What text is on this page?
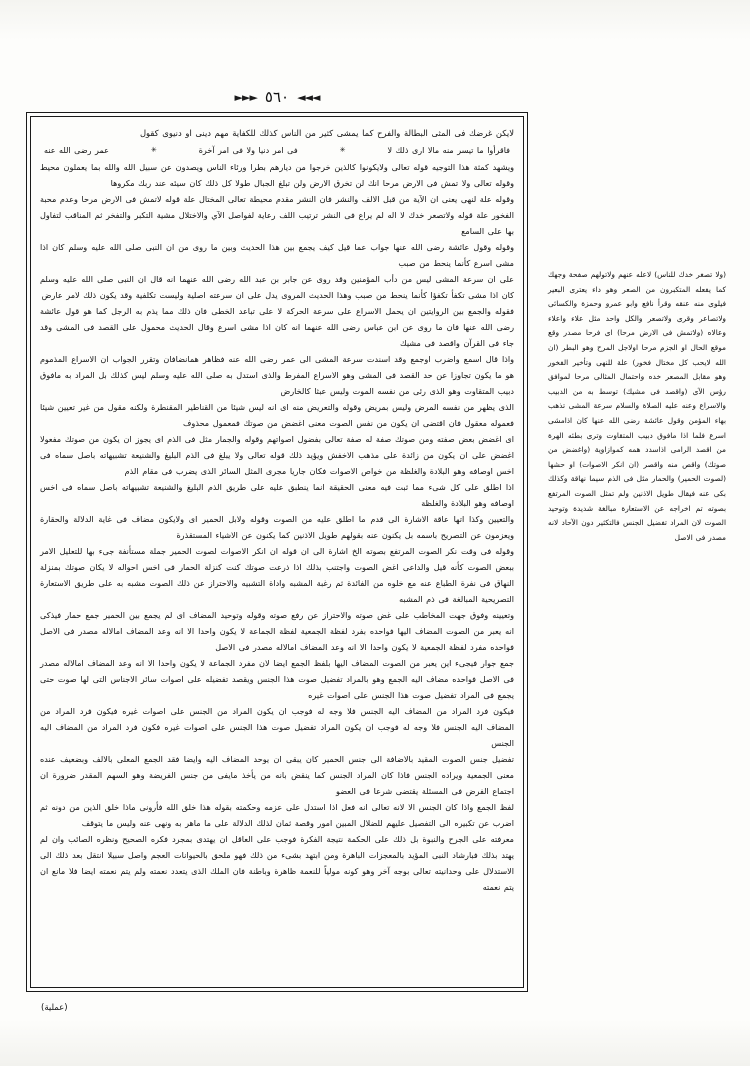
◄◄◄
٥٦٠
►►►

لايكن غرضك فى المثى البطالة والفرح كما يمشى كثير من الناس كذلك للكفاية مهم دينى او دنيوى كقول

فاقرأوا ما تيسر منه مالا ارى ذلك لا
✳
فى امر دنيا ولا فى امر آخرة
✳
عمر رضى الله عنه

ويشهد كمثة هذا التوجيه قوله تعالى ولايكونوا كالذين خرجوا من ديارهم بطرا ورئاء الناس ويصدون عن سبيل الله والله بما يعملون محيط وقوله تعالى ولا تمش فى الارض مرحا انك لن تخرق الارض ولن تبلغ الجبال طولا كل ذلك كان سيئه عند ربك مكروها

وقوله علة لنهى يعنى ان الآية من قبل الالف والنشر فان النشر مقدم محيطة تعالى المختال علة قوله لاتمش فى الارض مرحا وعدم محبة الفخور علة قوله ولاتصعر خدك لا اله لم يراع فى النشر ترتيب اللف رعاية لفواصل الآي والاختلال مشية التكبر والتفخر ثم المناقب لتفاول بها على السامع

وقوله وقول عائشة رضى الله عنها جواب عما قيل كيف يجمع بين هذا الحديث وبين ما روى من ان النبى صلى الله عليه وسلم كان اذا مشى اسرع كأنما ينحط من صبب

على ان سرعة المشى ليس من دأب المؤمنين وقد روى عن جابر بن عبد الله رضى الله عنهما انه قال ان النبى صلى الله عليه وسلم كان اذا مشى تكفأ تكفؤا كأنما ينحط من صبب وهذا الحديث المروى يدل على ان سرعته اصلية وليست تكلفية وقد يكون ذلك لامر عارض

فقوله والجمع بين الروايتين ان يحمل الاسراع على سرعة الحركة لا على تباعد الخطى فان ذلك مما يذم به الرجل كما هو قول عائشة رضى الله عنها فان ما روى عن ابن عباس رضى الله عنهما انه كان اذا مشى اسرع وقال الحديث محمول على القصد فى المشى وقد جاء فى القرآن واقصد فى مشيك

واذا قال اسمع واضرب اوجمع وقد اسندت سرعة المشى الى عمر رضى الله عنه فظاهر همانضافان وتقرر الجواب ان الاسراع المذموم هو ما يكون تجاوزا عن حد القصد فى المشى وهو الاسراع المفرط والذى استدل به صلى الله عليه وسلم ليس كذلك بل المراد به مافوق دبيب المتقاوت وهو الذى رئى من نفسه الموت وليس عبثا كالخارض

الذى يظهر من نفسه المرض وليس بمريض وقوله والتعريض منه اى انه ليس شيئا من القناطير المقنطرة ولكنه مقول من غير تعيين شيئا فعموله معقول فان اقتضى ان يكون من نفس الصوت معنى اغضض من صوتك فمعمول محذوف

اى اغضض بعض صفته ومن صوتك صفة له صفة تعالى بفضول اصواتهم وقوله والجمار مثل فى الذم اى يجوز ان يكون من صوتك مفعولا اغضض على ان يكون من زائدة على مذهب الاخفش ويؤيد ذلك قوله تعالى ولا يبلغ فى الذم البليغ والشنيعة تشبيهاته باصل سماه فى اخس اوصافه وهو البلادة والغلظة من خواص الاصوات فكان جاريا مجرى المثل السائر الذى يضرب فى مقام الذم

اذا اطلق على كل شىء مما ثبت فيه معنى الحقيقة انما ينطبق عليه على طريق الذم البليغ والشنيعة تشبيهاته باصل سماه فى اخس اوصافه وهو البلادة والغلظة

والتعيين وكذا اتها عاقة الاشارة الى قدم ما اطلق عليه من الصوت وقوله ولابل الحمير اى ولايكون مضاف فى غاية الدلالة والحقارة ويعزمون عن التصريح باسمه بل يكنون عنه بقولهم طويل الاذنين كما يكنون عن الاشياء المستقذرة

وقوله فى وقت نكر الصوت المرتفع بصوته الخ اشارة الى ان قوله ان انكر الاصوات لصوت الحمير جملة مستأنفة جىء بها للتعليل الامر ببعض الصوت كأنه قيل والداعى اغض الصوت واجتنب بذلك اذا ذرعت صوتك كنت كنزلة الحمار فى اخس احواله لا يكان صوتك بمنزلة النهاق فى نفرة الطباع عنه مع خلوه من الفائدة ثم رغبة المشبه واداة التشبيه والاحتراز عن ذلك الصوت مشبه به على طريق الاستعارة التصريحية المبالغة فى ذم المشبه

وتعيينه وفوق جهت المخاطب على غض صوته والاحتراز عن رفع صوته وقوله وتوحيد المضاف اى لم يجمع بين الحمير جمع حمار فيذكى انه يعبر من الصوت المضاف اليها فواحده بفرد لفظة الجمعية لفظة الجماعة لا يكون واحدا الا انه وعد المضاف امالاله مصدر فى الاصل فواحده مفرد لفظة الجمعية لا يكون واحدا الا انه وعد المضاف امالاله مصدر فى الاصل

جمع جوار فيجىء اين يعبر من الصوت المضاف اليها بلفظ الجمع ايضا لان مفرد الجماعة لا يكون واحدا الا انه وعد المضاف امالاله مصدر فى الاصل فواحده مضاف اليه الجمع وهو بالمراد تفضيل صوت هذا الجنس ويقصد تفضيله على اصوات سائر الاجناس التى لها صوت حتى يجمع فى المراد تفضيل صوت هذا الجنس على اصوات غيره

فيكون فرد المراد من المضاف اليه الجنس فلا وجه له فوجب ان يكون المراد من الجنس على اصوات غيره فيكون فرد المراد من المضاف اليه الجنس فلا وجه له فوجب ان يكون المراد تفضيل صوت هذا الجنس على اصوات غيره فكون فرد المراد من المضاف اليه الجنس

تفضيل جنس الصوت المقيد بالاضافة الى جنس الحمير كان يبقى ان يوحد المضاف اليه وايضا فقد الجمع المعلى بالالف وبضعيف عنده معنى الجمعية ويراده الجنس فاذا كان المراد الجنس كما ينقض بانه من يأخذ مايفى من جنس الفريضة وهو السهم المقدر ضرورة ان اجتماع الفرض فى المسئلة يقتضى شرعا فى العضو

لفظ الجمع واذا كان الجنس الا لانه تعالى انه فعل اذا استدل على عزمه وحكمته بقوله هذا خلق الله فأرونى ماذا خلق الذين من دونه ثم اضرب عن تكبيره الى التفصيل عليهم للضلال المبين امور وقصة ثمان لذلك الدلالة على ما ماهر به ونهى عنه وليس ما يتوقف

معرفته على الجرح والنبوة بل ذلك على الحكمة نتيجة الفكرة فوجب على العاقل ان يهتدى بمجرد فكره الصحيح ونظره الصائب وان لم يهتد بذلك فبارشاد النبى المؤيد بالمعجزات الباهرة ومن ابتهد بشىء من ذلك فهو ملحق بالحيوانات العجم واصل سبيلا انتقل بعد ذلك الى الاستدلال على وحدانيته تعالى بوجه آخر وهو كونه مولياً للنعمة ظاهرة وباطنة فان الملك الذى يتعدد نعمته ولم يتم نعمته ايضا فلا مانع ان يتم نعمته

(ولا تصغر خدك للناس) لاعله عنهم ولاتولهم صفحة وجهك كما يفعله المتكبرون من الصعر وهو داء يعترى البعير فيلوى منه عنقه وقرأ نافع وابو عمرو وحمزة والكسائى ولاتصاعر وقرى ولاتصعر والكل واحد مثل علاء واعلاء وعالاه (ولاتمش فى الارض مرحا) اى فرحا مصدر وقع موقع الحال او الجزم مرحا اولاجل المرح وهو البطر (ان الله لايحب كل مختال فخور) علة للنهى وتأخير الفخور وهو مقابل المصعر خده واحتمال المثالى مرحا لموافق رؤس الآى (واقصد فى مشيك) توسط به من الدبيب والاسراع وعنه عليه الصلاة والسلام سرعة المشى تذهب بهاء المؤمن وقول عائشة رضى الله عنها كان اذامشى اسرع فلما اذا مافوق دبيب المتقاوت وترى بطئه الهرة من اقصد الرامى اذاسدد همه كموازاوية (واغضض من صوتك) واقص منه واقصر (ان انكر الاصوات) او حشها (لصوت الحمير) والحمار مثل فى الذم سيما نهاقة وكذلك بكى عنه فيقال طويل الاذنين ولم تمثل الصوت المرتفع بصوته تم اخراجه عن الاستعارة مبالغة شديدة وتوحيد الصوت لان المراد تفضيل الجنس فالتكثير دون الآحاد لانه مصدر فى الاصل

(عملية)
